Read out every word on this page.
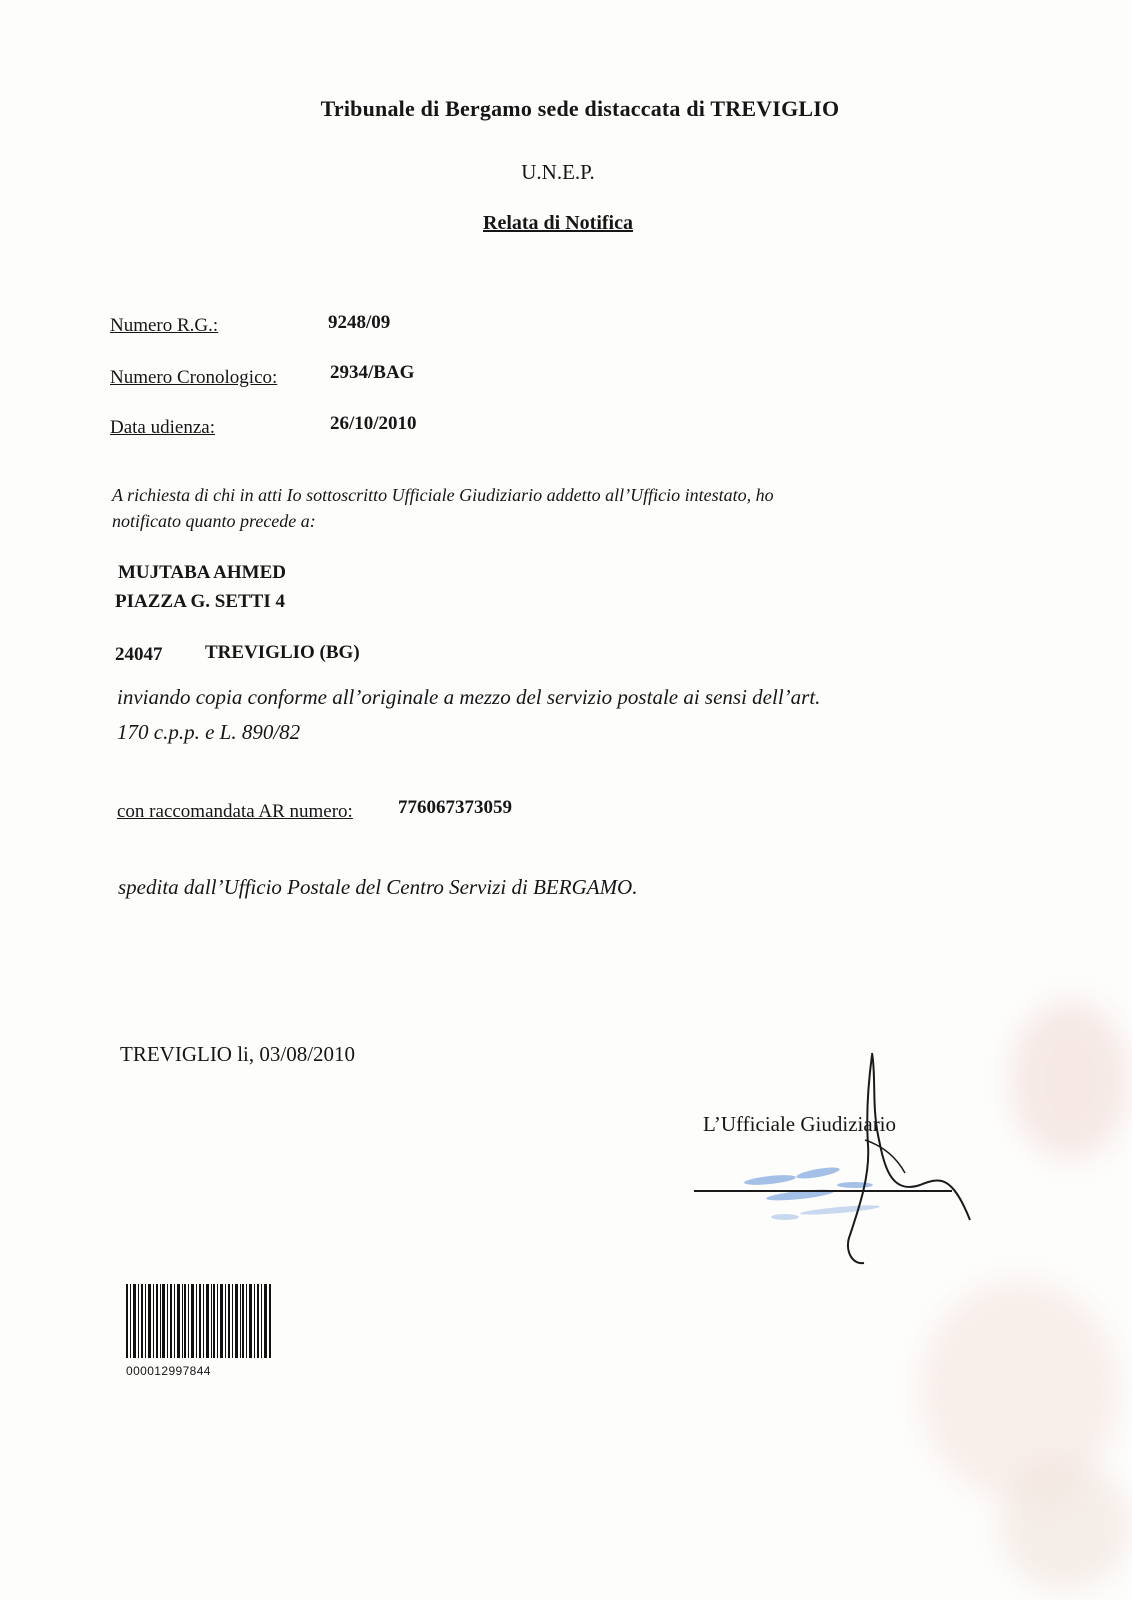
Tribunale di Bergamo sede distaccata di TREVIGLIO
U.N.E.P.
Relata di Notifica
Numero R.G.:	9248/09
Numero Cronologico:	2934/BAG
Data udienza:	26/10/2010
A richiesta di chi in atti Io sottoscritto Ufficiale Giudiziario addetto all’Ufficio intestato, ho
notificato quanto precede a:
MUJTABA AHMED
PIAZZA G. SETTI 4
24047 TREVIGLIO (BG)
inviando copia conforme all’originale a mezzo del servizio postale ai sensi dell’art.
170 c.p.p. e L. 890/82
con raccomandata AR numero: 776067373059
spedita dall’Ufficio Postale del Centro Servizi di BERGAMO.
TREVIGLIO li, 03/08/2010
L’Ufficiale Giudiziario
000012997844
